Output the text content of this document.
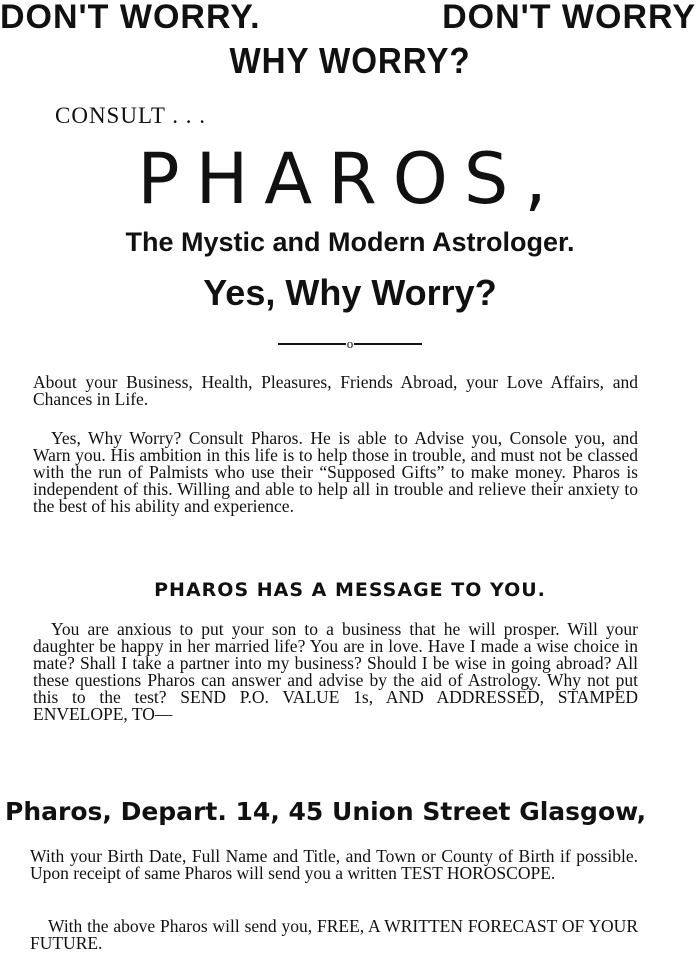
DON'T WORRY.	DON'T WORRY
WHY WORRY?
CONSULT . . .
PHAROS,
The Mystic and Modern Astrologer.
Yes, Why Worry?
o
About your Business, Health, Pleasures, Friends Abroad, your Love Affairs, and Chances in Life.
Yes, Why Worry? Consult Pharos. He is able to Advise you, Console you, and Warn you. His ambition in this life is to help those in trouble, and must not be classed with the run of Palmists who use their “Supposed Gifts” to make money. Pharos is independent of this. Willing and able to help all in trouble and relieve their anxiety to the best of his ability and experience.
PHAROS HAS A MESSAGE TO YOU.
You are anxious to put your son to a business that he will prosper. Will your daughter be happy in her married life? You are in love. Have I made a wise choice in mate? Shall I take a partner into my business? Should I be wise in going abroad? All these questions Pharos can answer and advise by the aid of Astrology. Why not put this to the test? SEND P.O. VALUE 1s, AND ADDRESSED, STAMPED ENVELOPE, TO—
Pharos, Depart. 14, 45 Union Street Glasgow,
With your Birth Date, Full Name and Title, and Town or County of Birth if possible. Upon receipt of same Pharos will send you a written TEST HOROSCOPE.
With the above Pharos will send you, FREE, A WRITTEN FORECAST OF YOUR FUTURE.
